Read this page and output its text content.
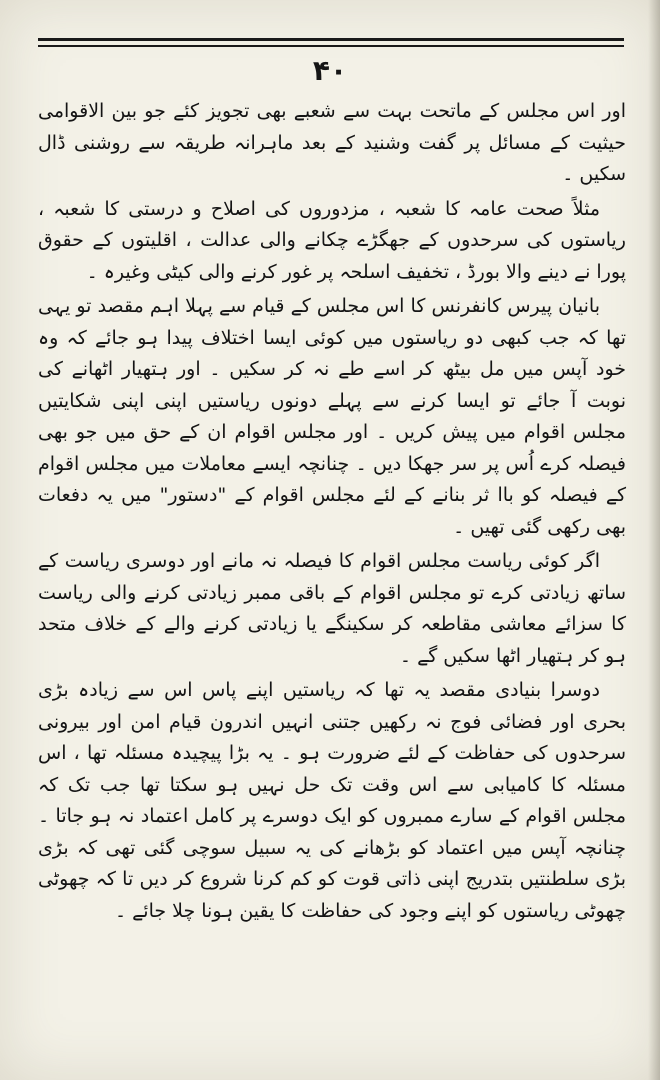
۴۰

اور اس مجلس کے ماتحت بہت سے شعبے بھی تجویز کئے جو بین الاقوامی حیثیت کے مسائل پر گفت وشنید کے بعد ماہرانہ طریقہ سے روشنی ڈال سکیں ۔

مثلاً صحت عامہ کا شعبہ ، مزدوروں کی اصلاح و درستی کا شعبہ ، ریاستوں کی سرحدوں کے جھگڑے چکانے والی عدالت ، اقلیتوں کے حقوق پورا نے دینے والا بورڈ ، تخفیف اسلحہ پر غور کرنے والی کیٹی وغیرہ ۔

بانیان پیرس کانفرنس کا اس مجلس کے قیام سے پہلا اہم مقصد تو یہی تھا کہ جب کبھی دو ریاستوں میں کوئی ایسا اختلاف پیدا ہو جائے کہ وہ خود آپس میں مل بیٹھ کر اسے طے نہ کر سکیں ۔ اور ہتھیار اٹھانے کی نوبت آ جائے تو ایسا کرنے سے پہلے دونوں ریاستیں اپنی اپنی شکایتیں مجلس اقوام میں پیش کریں ۔ اور مجلس اقوام ان کے حق میں جو بھی فیصلہ کرے اُس پر سر جھکا دیں ۔ چنانچہ ایسے معاملات میں مجلس اقوام کے فیصلہ کو باا ثر بنانے کے لئے مجلس اقوام کے "دستور" میں یہ دفعات بھی رکھی گئی تھیں ۔

اگر کوئی ریاست مجلس اقوام کا فیصلہ نہ مانے اور دوسری ریاست کے ساتھ زیادتی کرے تو مجلس اقوام کے باقی ممبر زیادتی کرنے والی ریاست کا سزائے معاشی مقاطعہ کر سکینگے یا زیادتی کرنے والے کے خلاف متحد ہو کر ہتھیار اٹھا سکیں گے ۔

دوسرا بنیادی مقصد یہ تھا کہ ریاستیں اپنے پاس اس سے زیادہ بڑی بحری اور فضائی فوج نہ رکھیں جتنی انہیں اندرون قیام امن اور بیرونی سرحدوں کی حفاظت کے لئے ضرورت ہو ۔ یہ بڑا پیچیدہ مسئلہ تھا ، اس مسئلہ کا کامیابی سے اس وقت تک حل نہیں ہو سکتا تھا جب تک کہ مجلس اقوام کے سارے ممبروں کو ایک دوسرے پر کامل اعتماد نہ ہو جاتا ۔ چنانچہ آپس میں اعتماد کو بڑھانے کی یہ سبیل سوچی گئی تھی کہ بڑی بڑی سلطنتیں بتدریج اپنی ذاتی قوت کو کم کرنا شروع کر دیں تا کہ چھوٹی چھوٹی ریاستوں کو اپنے وجود کی حفاظت کا یقین ہونا چلا جائے ۔
